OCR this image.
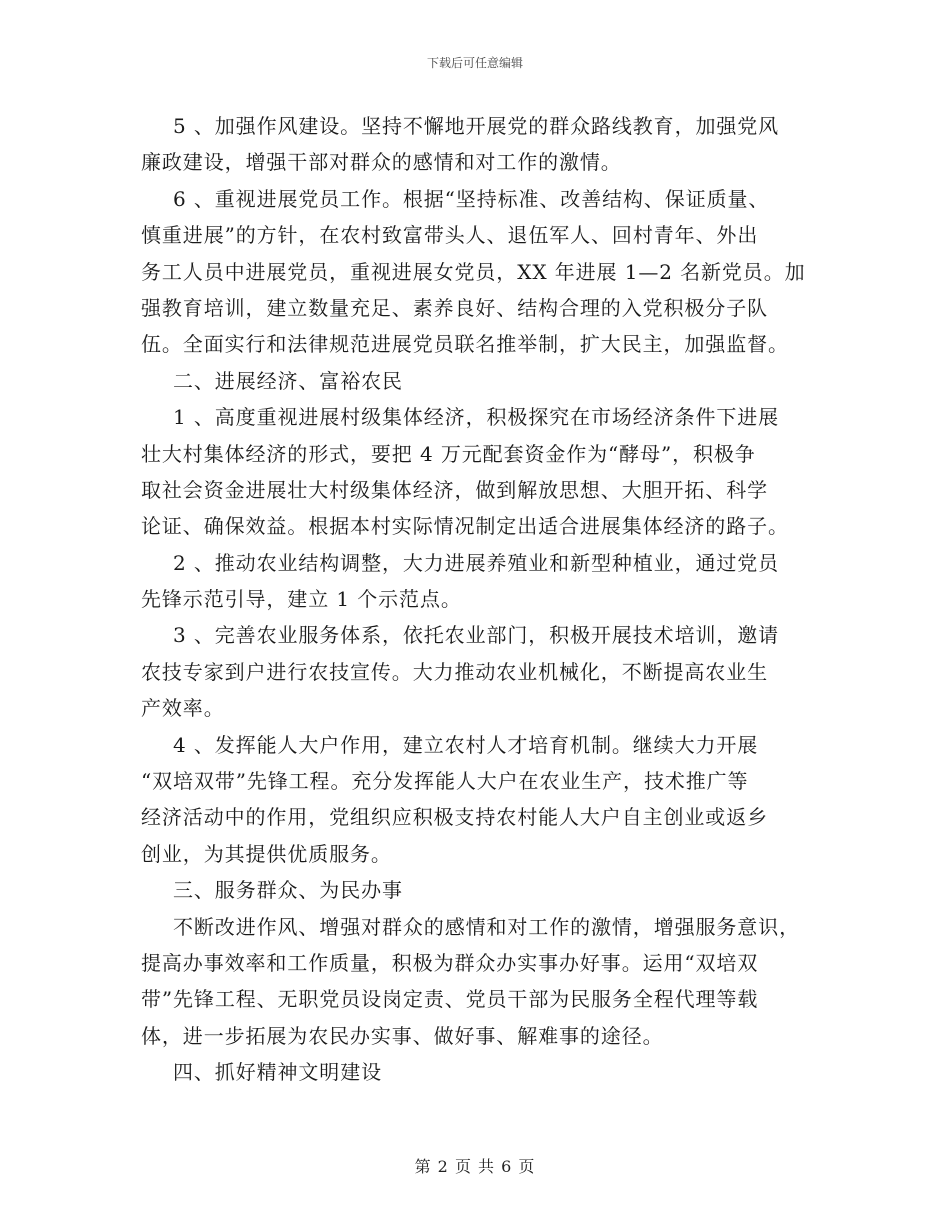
下载后可任意编辑
5 、加强作风建设。坚持不懈地开展党的群众路线教育，加强党风
廉政建设，增强干部对群众的感情和对工作的激情。
6 、重视进展党员工作。根据“坚持标准、改善结构、保证质量、
慎重进展”的方针，在农村致富带头人、退伍军人、回村青年、外出
务工人员中进展党员，重视进展女党员，XX 年进展 1—2 名新党员。加
强教育培训，建立数量充足、素养良好、结构合理的入党积极分子队
伍。全面实行和法律规范进展党员联名推举制，扩大民主，加强监督。
二、进展经济、富裕农民
1 、高度重视进展村级集体经济，积极探究在市场经济条件下进展
壮大村集体经济的形式，要把 4 万元配套资金作为“酵母”，积极争
取社会资金进展壮大村级集体经济，做到解放思想、大胆开拓、科学
论证、确保效益。根据本村实际情况制定出适合进展集体经济的路子。
2 、推动农业结构调整，大力进展养殖业和新型种植业，通过党员
先锋示范引导，建立 1 个示范点。
3 、完善农业服务体系，依托农业部门，积极开展技术培训，邀请
农技专家到户进行农技宣传。大力推动农业机械化，不断提高农业生
产效率。
4 、发挥能人大户作用，建立农村人才培育机制。继续大力开展
“双培双带”先锋工程。充分发挥能人大户在农业生产，技术推广等
经济活动中的作用，党组织应积极支持农村能人大户自主创业或返乡
创业，为其提供优质服务。
三、服务群众、为民办事
不断改进作风、增强对群众的感情和对工作的激情，增强服务意识，
提高办事效率和工作质量，积极为群众办实事办好事。运用“双培双
带”先锋工程、无职党员设岗定责、党员干部为民服务全程代理等载
体，进一步拓展为农民办实事、做好事、解难事的途径。
四、抓好精神文明建设
第 2 页 共 6 页
